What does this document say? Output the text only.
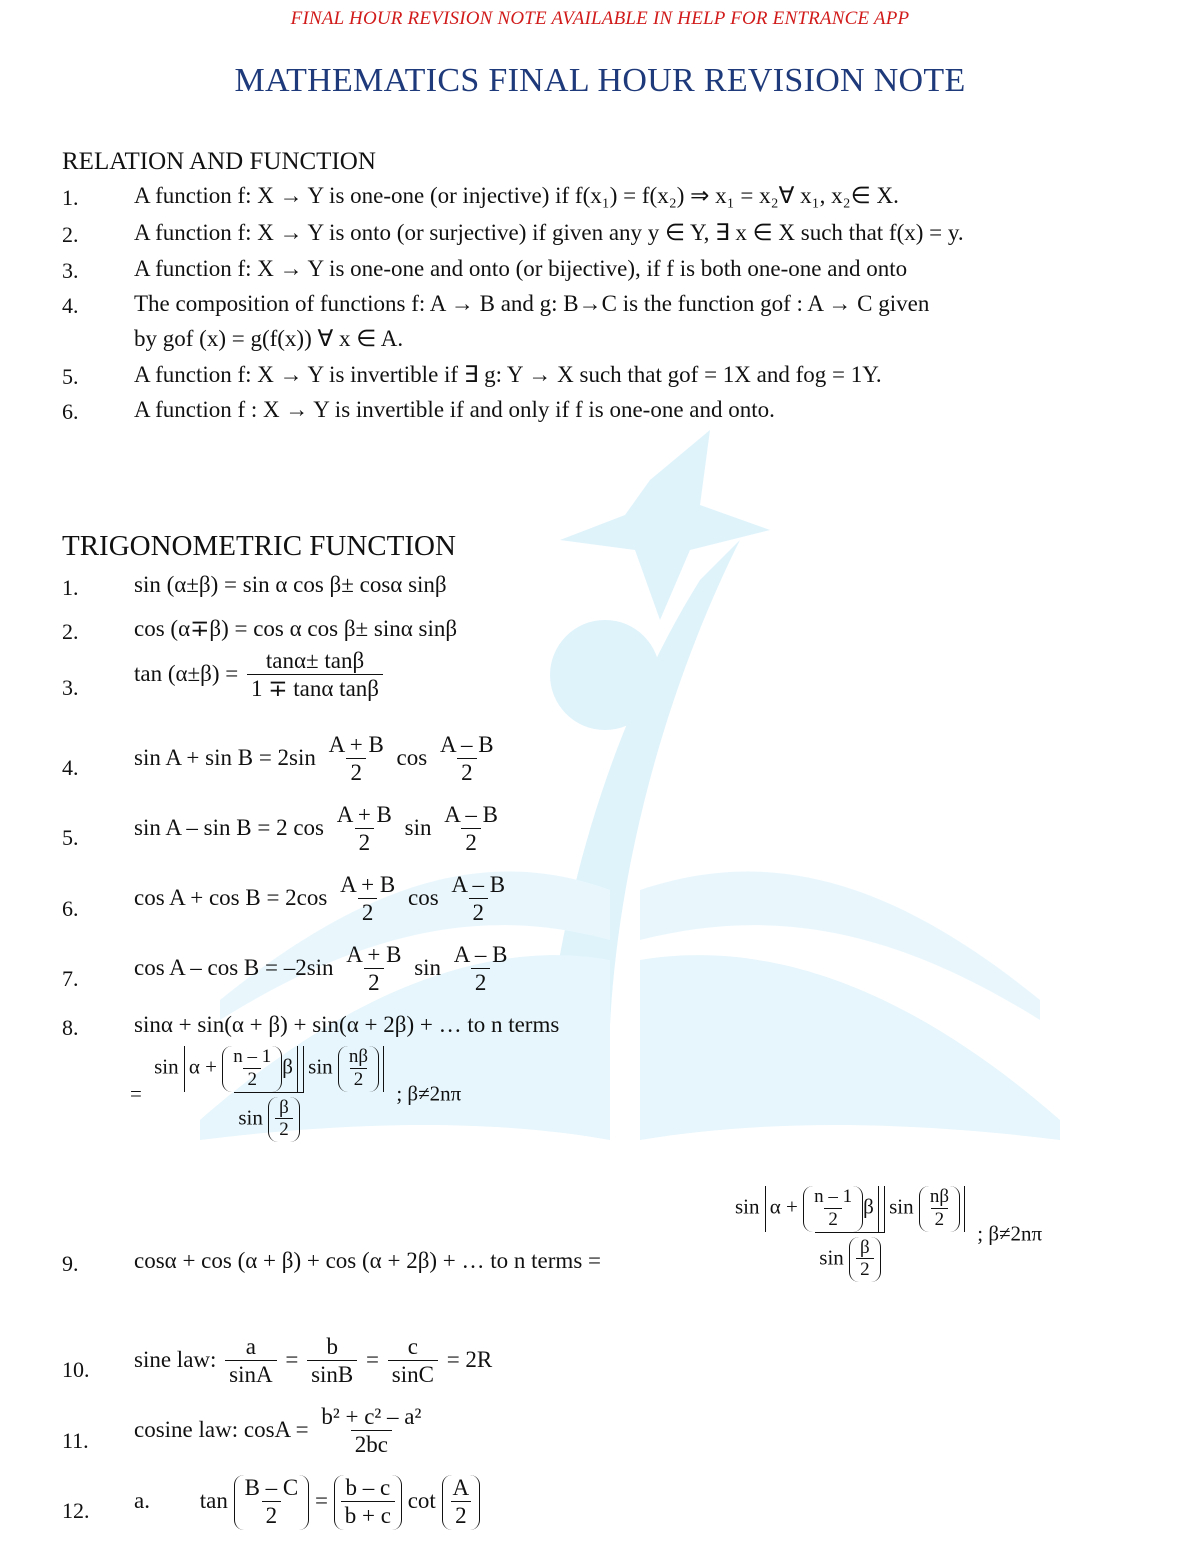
FINAL HOUR REVISION NOTE AVAILABLE IN HELP FOR ENTRANCE APP
MATHEMATICS FINAL HOUR REVISION NOTE
RELATION AND FUNCTION
1. A function f: X → Y is one-one (or injective) if f(x₁) = f(x₂) ⇒ x₁ = x₂∀ x₁, x₂∈ X.
2. A function f: X → Y is onto (or surjective) if given any y ∈ Y, ∃ x ∈ X such that f(x) = y.
3. A function f: X → Y is one-one and onto (or bijective), if f is both one-one and onto
4. The composition of functions f: A → B and g: B→C is the function gof : A → C given
by gof (x) = g(f(x)) ∀ x ∈ A.
5. A function f: X → Y is invertible if ∃ g: Y → X such that gof = 1X and fog = 1Y.
6. A function f : X → Y is invertible if and only if f is one-one and onto.
TRIGONOMETRIC FUNCTION
1. sin (α±β) = sin α cos β± cosα sinβ
2. cos (α∓β) = cos α cos β± sinα sinβ
3.
$\tan (\alpha\pm\beta) = \frac{\tan\alpha\pm \tan\beta}{\text{1 ∓ tanα tanβ}}$
4. $\sin A + \sin B = 2\sin \frac{A + B}{2}$ $\cos \frac{A - B}{2}$
5. sin A – sin B = 2 $\cos \frac{A + B}{2}$ $\sin \frac{A - B}{2}$
6. $\cos A + \cos B = 2\cos \frac{A + B}{2}$ $\cos \frac{A - B}{2}$
7. $\cos A - \cos B = -2\sin \frac{A + B}{2}$ $\sin \frac{A - B}{2}$
8. sinα + sin(α + β) + sin(α + 2β) + … to n terms
= $\frac{\sin \alpha + \frac{n - 1}{2} \beta \sin \frac{n\beta}{2}}{\sin \frac{\beta}{2}}$ ; β≠2nπ
9. cosα + cos (α + β) + cos (α + 2β) + … to n terms =	$\frac{\sin \alpha + \frac{n - 1}{2} \beta \sin \frac{n\beta}{2}}{\sin \frac{\beta}{2}}$ ; β≠2nπ
10. sine law: $\frac{a}{\sin A} = \frac{b}{\sin B} = \frac{c}{\sin C} = 2R$
11. cosine law: $\cos A = \frac{\text{b² + c² – a²}}{2bc}$
12. a. $\tan \frac{B - C}{2} = \frac{b - c}{b + c}$ $\cot \frac{A}{2}$
